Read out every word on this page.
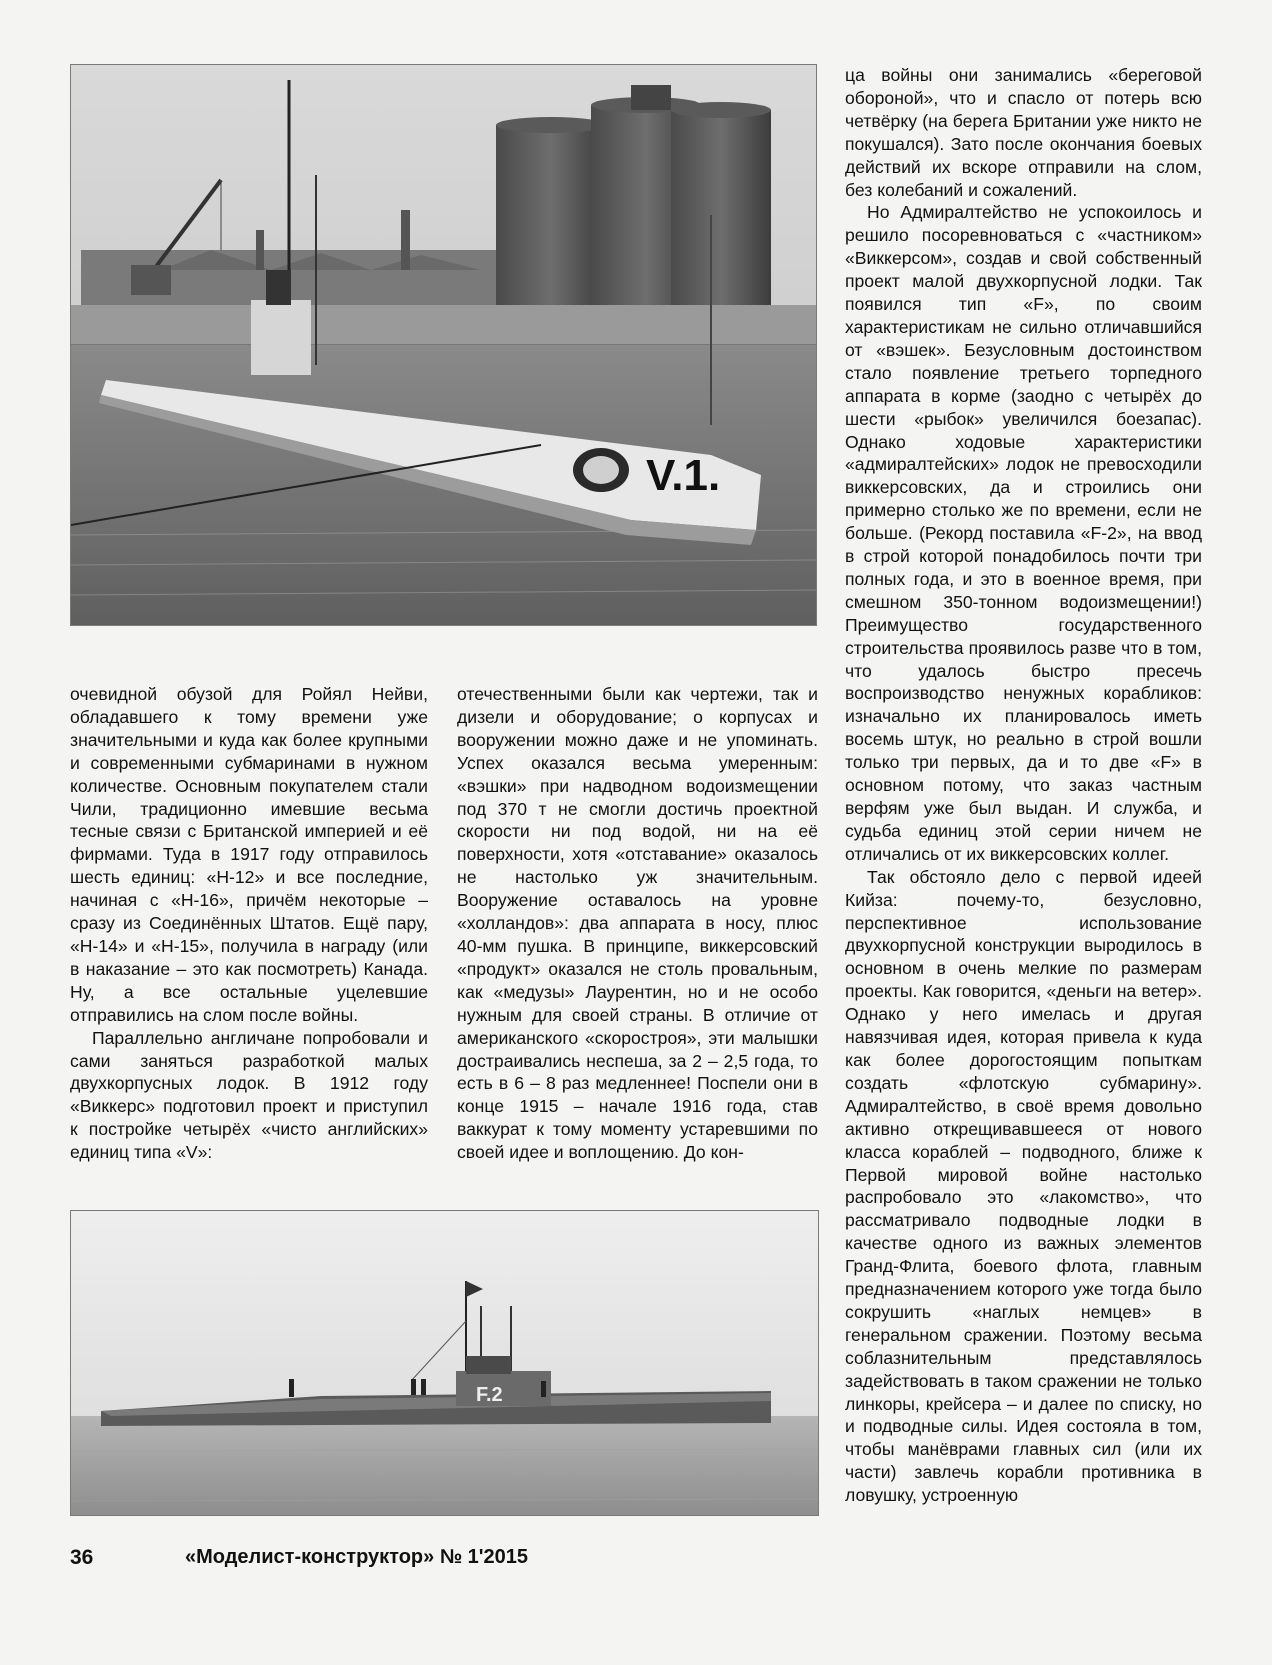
V.1.

ца войны они занимались «береговой обороной», что и спасло от потерь всю четвёрку (на берега Британии уже никто не покушался). Зато после окончания боевых действий их вскоре отправили на слом, без колебаний и сожалений.

Но Адмиралтейство не успокоилось и решило посоревноваться с «частником» «Виккерсом», создав и свой собственный проект малой двухкорпусной лодки. Так появился тип «F», по своим характеристикам не сильно отличавшийся от «вэшек». Безусловным достоинством стало появление третьего торпедного аппарата в корме (заодно с четырёх до шести «рыбок» увеличился боезапас). Однако ходовые характеристики «адмиралтейских» лодок не превосходили виккерсовских, да и строились они примерно столько же по времени, если не больше. (Рекорд поставила «F-2», на ввод в строй которой понадобилось почти три полных года, и это в военное время, при смешном 350-тонном водоизмещении!) Преимущество государственного строительства проявилось разве что в том, что удалось быстро пресечь воспроизводство ненужных корабликов: изначально их планировалось иметь восемь штук, но реально в строй вошли только три первых, да и то две «F» в основном потому, что заказ частным верфям уже был выдан. И служба, и судьба единиц этой серии ничем не отличались от их виккерсовских коллег.

Так обстояло дело с первой идеей Кийза: почему-то, безусловно, перспективное использование двухкорпусной конструкции выродилось в основном в очень мелкие по размерам проекты. Как говорится, «деньги на ветер». Однако у него имелась и другая навязчивая идея, которая привела к куда как более дорогостоящим попыткам создать «флотскую субмарину». Адмиралтейство, в своё время довольно активно открещивавшееся от нового класса кораблей – подводного, ближе к Первой мировой войне настолько распробовало это «лакомство», что рассматривало подводные лодки в качестве одного из важных элементов Гранд-Флита, боевого флота, главным предназначением которого уже тогда было сокрушить «наглых немцев» в генеральном сражении. Поэтому весьма соблазнительным представлялось задействовать в таком сражении не только линкоры, крейсера – и далее по списку, но и подводные силы. Идея состояла в том, чтобы манёврами главных сил (или их части) завлечь корабли противника в ловушку, устроенную

очевидной обузой для Ройял Нейви, обладавшего к тому времени уже значительными и куда как более крупными и современными субмаринами в нужном количестве. Основным покупателем стали Чили, традиционно имевшие весьма тесные связи с Британской империей и её фирмами. Туда в 1917 году отправилось шесть единиц: «Н-12» и все последние, начиная с «Н-16», причём некоторые – сразу из Соединённых Штатов. Ещё пару, «Н-14» и «Н-15», получила в награду (или в наказание – это как посмотреть) Канада. Ну, а все остальные уцелевшие отправились на слом после войны.

Параллельно англичане попробовали и сами заняться разработкой малых двухкорпусных лодок. В 1912 году «Виккерс» подготовил проект и приступил к постройке четырёх «чисто английских» единиц типа «V»:

отечественными были как чертежи, так и дизели и оборудование; о корпусах и вооружении можно даже и не упоминать. Успех оказался весьма умеренным: «вэшки» при надводном водоизмещении под 370 т не смогли достичь проектной скорости ни под водой, ни на её поверхности, хотя «отставание» оказалось не настолько уж значительным. Вооружение оставалось на уровне «холландов»: два аппарата в носу, плюс 40-мм пушка. В принципе, виккерсовский «продукт» оказался не столь провальным, как «медузы» Лаурентин, но и не особо нужным для своей страны. В отличие от американского «скоростроя», эти малышки достраивались неспеша, за 2 – 2,5 года, то есть в 6 – 8 раз медленнее! Поспели они в конце 1915 – начале 1916 года, став ваккурат к тому моменту устаревшими по своей идее и воплощению. До кон-

F.2
36	«Моделист-конструктор» № 1'2015
